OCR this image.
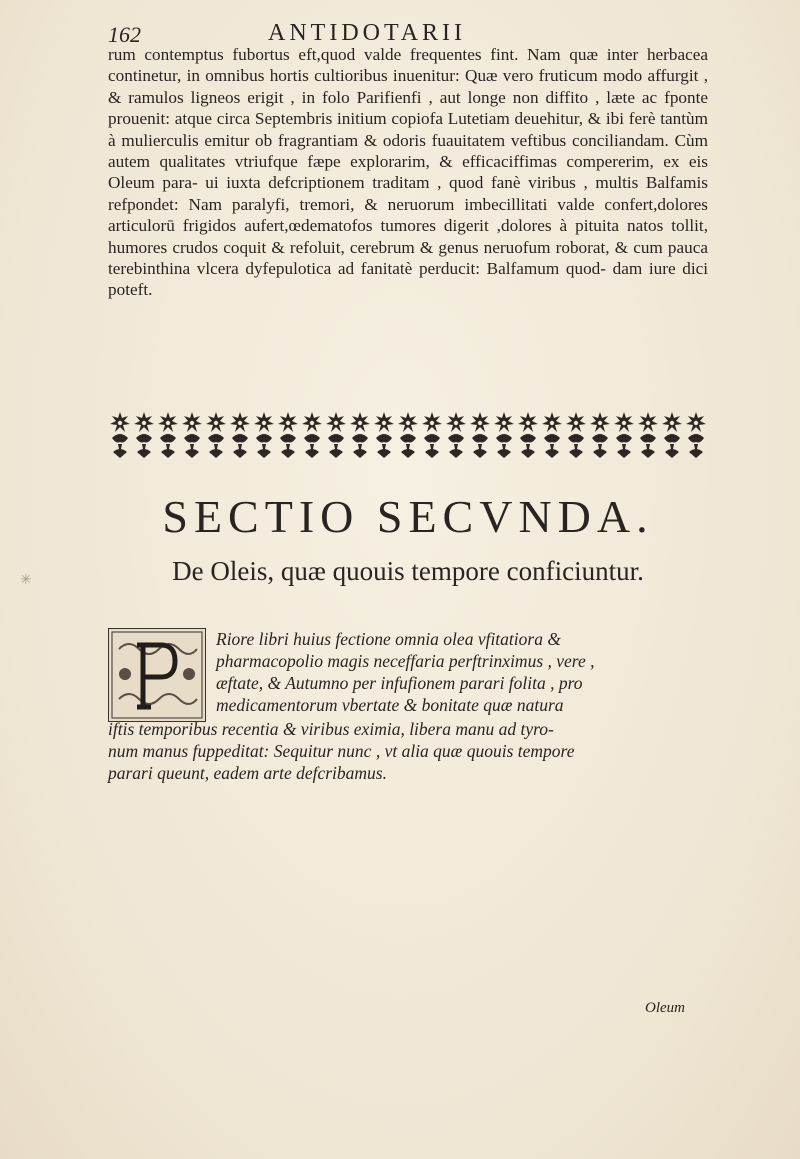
162	ANTIDOTARII

rum contemptus fubortus eft,quod valde frequentes fint. Nam quæ inter herbacea continetur, in omnibus hortis cultioribus inuenitur: Quæ vero fruticum modo affurgit , & ramulos ligneos erigit , in folo Parifienfi , aut longe non diffito , læte ac fponte prouenit: atque circa Septembris initium copiofa Lutetiam deuehitur, & ibi ferè tantùm à mulierculis emitur ob fragrantiam & odoris fuauitatem veftibus conciliandam. Cùm autem qualitates vtriufque fæpe explorarim, & efficaciffimas compererim, ex eis Oleum para- ui iuxta defcriptionem traditam , quod fanè viribus , multis Balfamis refpondet: Nam paralyfi, tremori, & neruorum imbecillitati valde confert,dolores articulorū frigidos aufert,œdematofos tumores digerit ,dolores à pituita natos tollit, humores crudos coquit & refoluit, cerebrum & genus neruofum roborat, & cum pauca terebinthina vlcera dyfepulotica ad fanitatè perducit: Balfamum quod- dam iure dici poteft.

SECTIO SECVNDA.
De Oleis, quæ quouis tempore conficiuntur.

Riore libri huius fectione omnia olea vfitatiora &

pharmacopolio magis neceffaria perftrinximus , vere ,

æftate, & Autumno per infufionem parari folita , pro

medicamentorum vbertate & bonitate quæ natura

iftis temporibus recentia & viribus eximia, libera manu ad tyro-

num manus fuppeditat: Sequitur nunc , vt alia quæ quouis tempore

parari queunt, eadem arte defcribamus.

Oleum
✳
